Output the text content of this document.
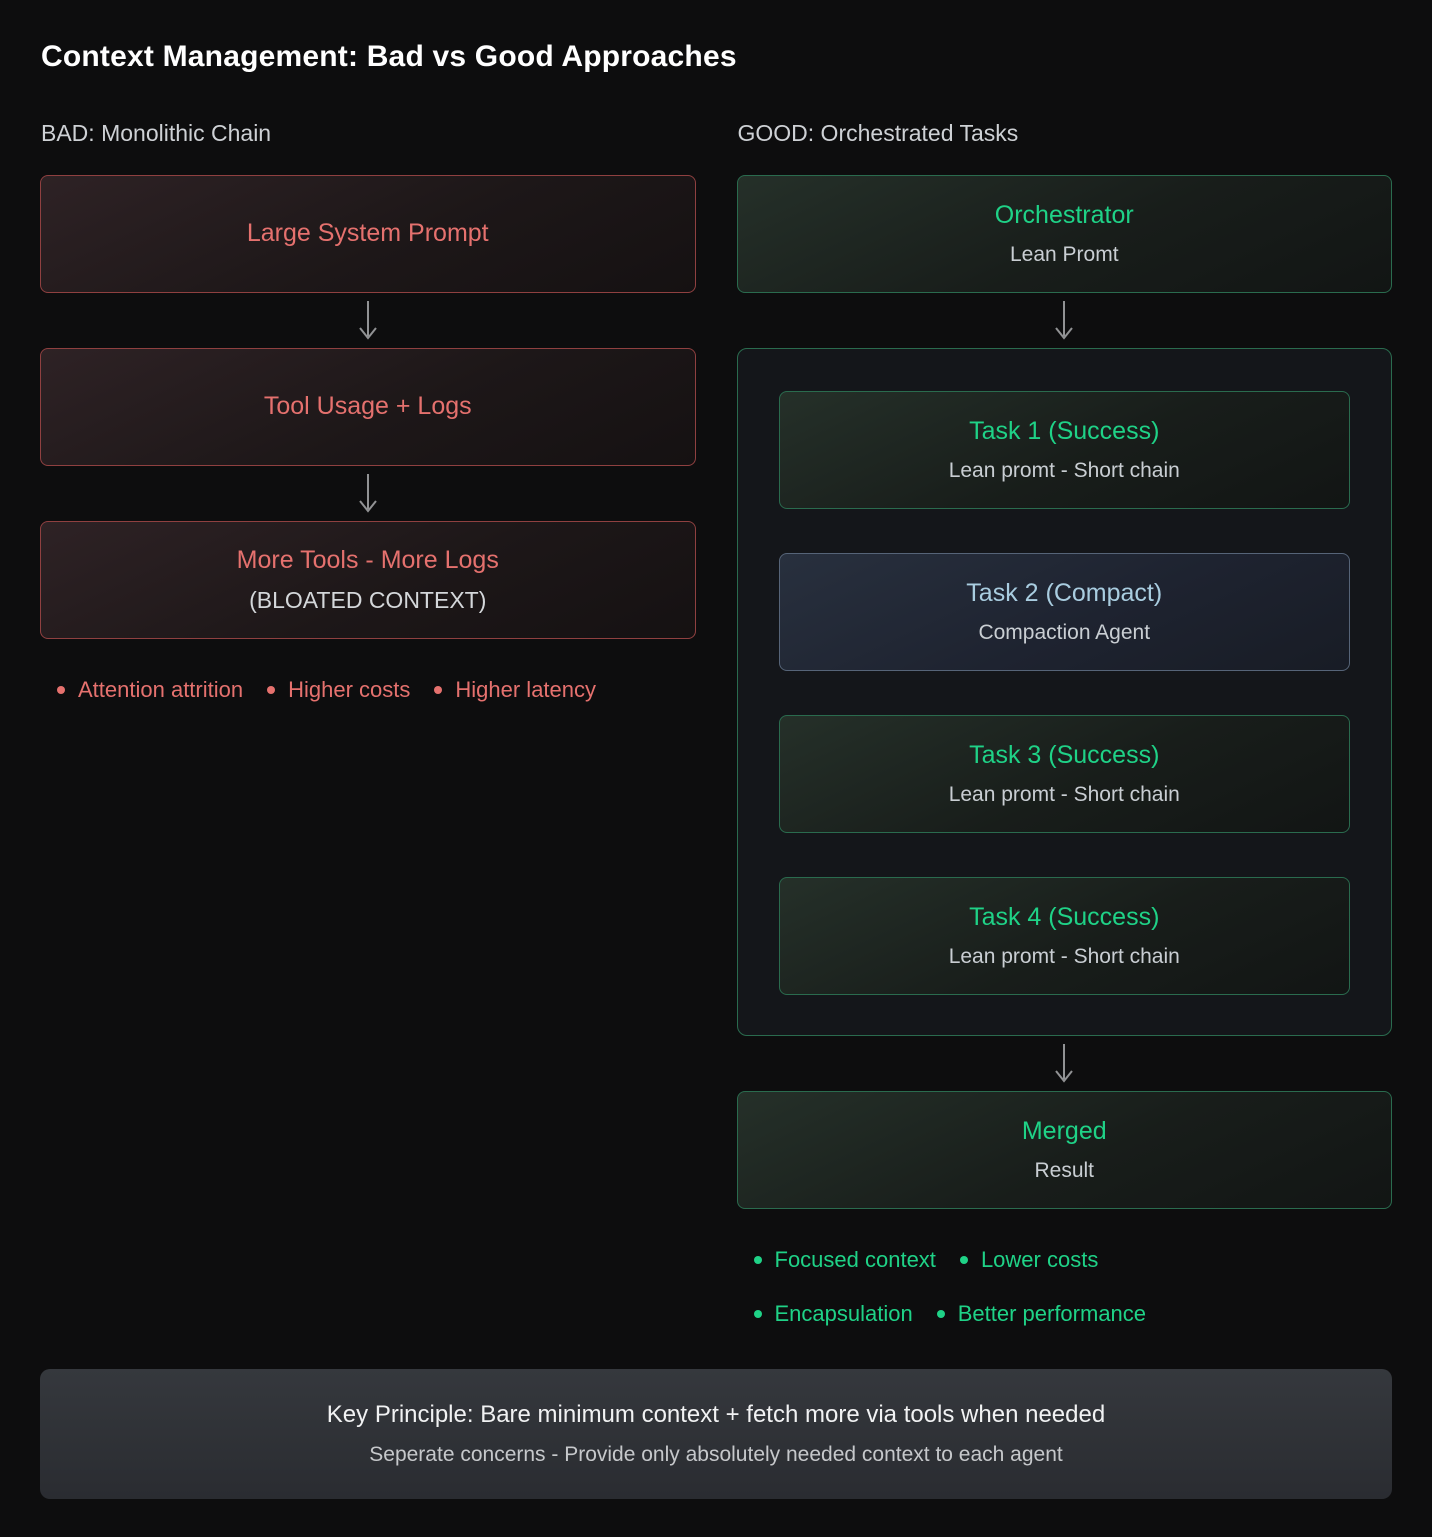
Context Management: Bad vs Good Approaches
BAD: Monolithic Chain
Large System Prompt
Tool Usage + Logs
More Tools - More Logs
(BLOATED CONTEXT)
Attention attrition Higher costs Higher latency
GOOD: Orchestrated Tasks
Orchestrator
Lean Promt
Task 1 (Success)
Lean promt - Short chain
Task 2 (Compact)
Compaction Agent
Task 3 (Success)
Lean promt - Short chain
Task 4 (Success)
Lean promt - Short chain
Merged
Result
Focused context Lower costs
Encapsulation Better performance
Key Principle: Bare minimum context + fetch more via tools when needed
Seperate concerns - Provide only absolutely needed context to each agent
